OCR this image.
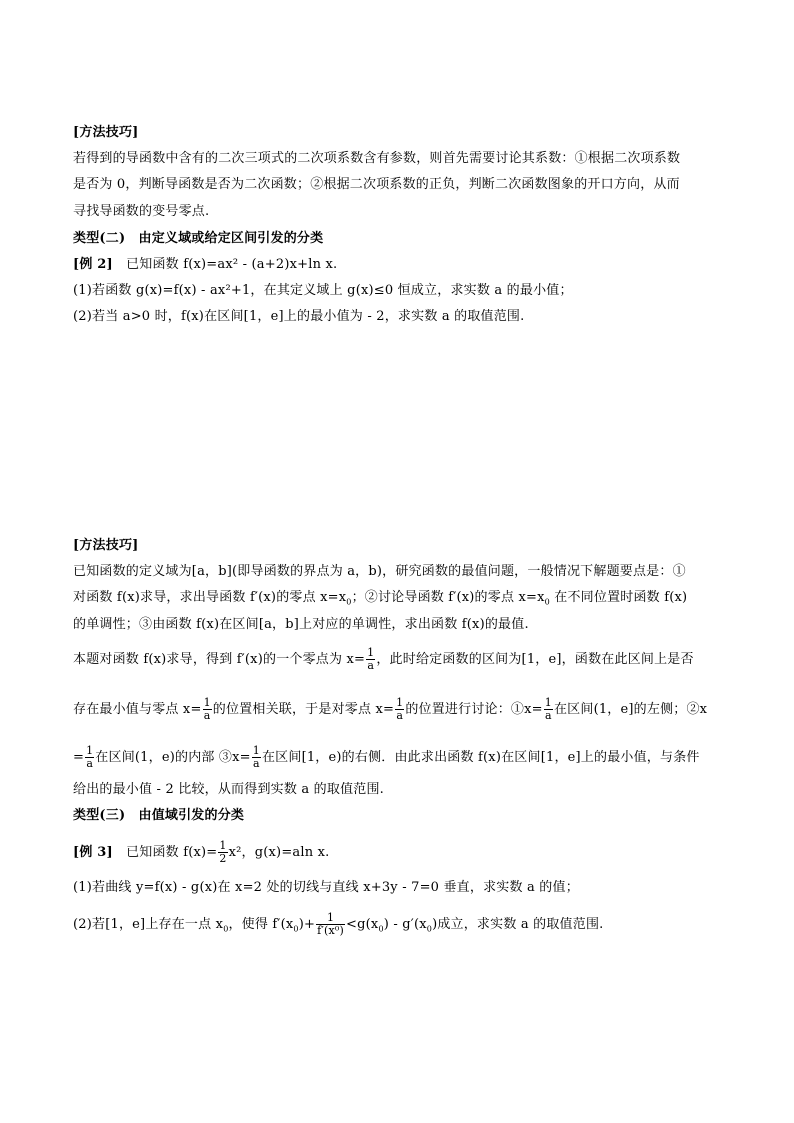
[方法技巧]
若得到的导函数中含有的二次三项式的二次项系数含有参数，则首先需要讨论其系数：①根据二次项系数
是否为 0，判断导函数是否为二次函数；②根据二次项系数的正负，判断二次函数图象的开口方向，从而
寻找导函数的变号零点.
类型(二)　由定义域或给定区间引发的分类
[例 2]　已知函数 f(x)=ax² - (a+2)x+ln x.
(1)若函数 g(x)=f(x) - ax²+1，在其定义域上 g(x)≤0 恒成立，求实数 a 的最小值；
(2)若当 a>0 时，f(x)在区间[1，e]上的最小值为 - 2，求实数 a 的取值范围.
[方法技巧]
已知函数的定义域为[a，b](即导函数的界点为 a，b)，研究函数的最值问题，一般情况下解题要点是：①
对函数 f(x)求导，求出导函数 f′(x)的零点 $x=x_0$；②讨论导函数 f′(x)的零点 $x=x_0$ 在不同位置时函数 f(x)
的单调性；③由函数 f(x)在区间[a，b]上对应的单调性，求出函数 f(x)的最值.
本题对函数 f(x)求导，得到 f′(x)的一个零点为 $x= \frac{1}{a}$ ，此时给定函数的区间为[1，e]，函数在此区间上是否
存在最小值与零点 $x= \frac{1}{a}$ 的位置相关联，于是对零点 $x= \frac{1}{a}$ 的位置进行讨论：①x= $\frac{1}{a}$ 在区间(1，e]的左侧；②x
= $\frac{1}{a}$ 在区间(1，e)的内部 ③x= $\frac{1}{a}$ 在区间[1，e)的右侧．由此求出函数 f(x)在区间[1，e]上的最小值，与条件
给出的最小值 - 2 比较，从而得到实数 a 的取值范围.
类型(三)　由值域引发的分类
[例 3]　已知函数 $f(x)= \frac{1}{2} x^2$，g(x)=aln x.
(1)若曲线 y=f(x) - g(x)在 x=2 处的切线与直线 x+3y - 7=0 垂直，求实数 a 的值；
(2)若[1，e]上存在一点 $x_0$，使得 $f'(x_0)+ \frac{1}{\text{f′(x⁰)}} <g(x_0) - g'(x_0)$成立，求实数 a 的取值范围.
